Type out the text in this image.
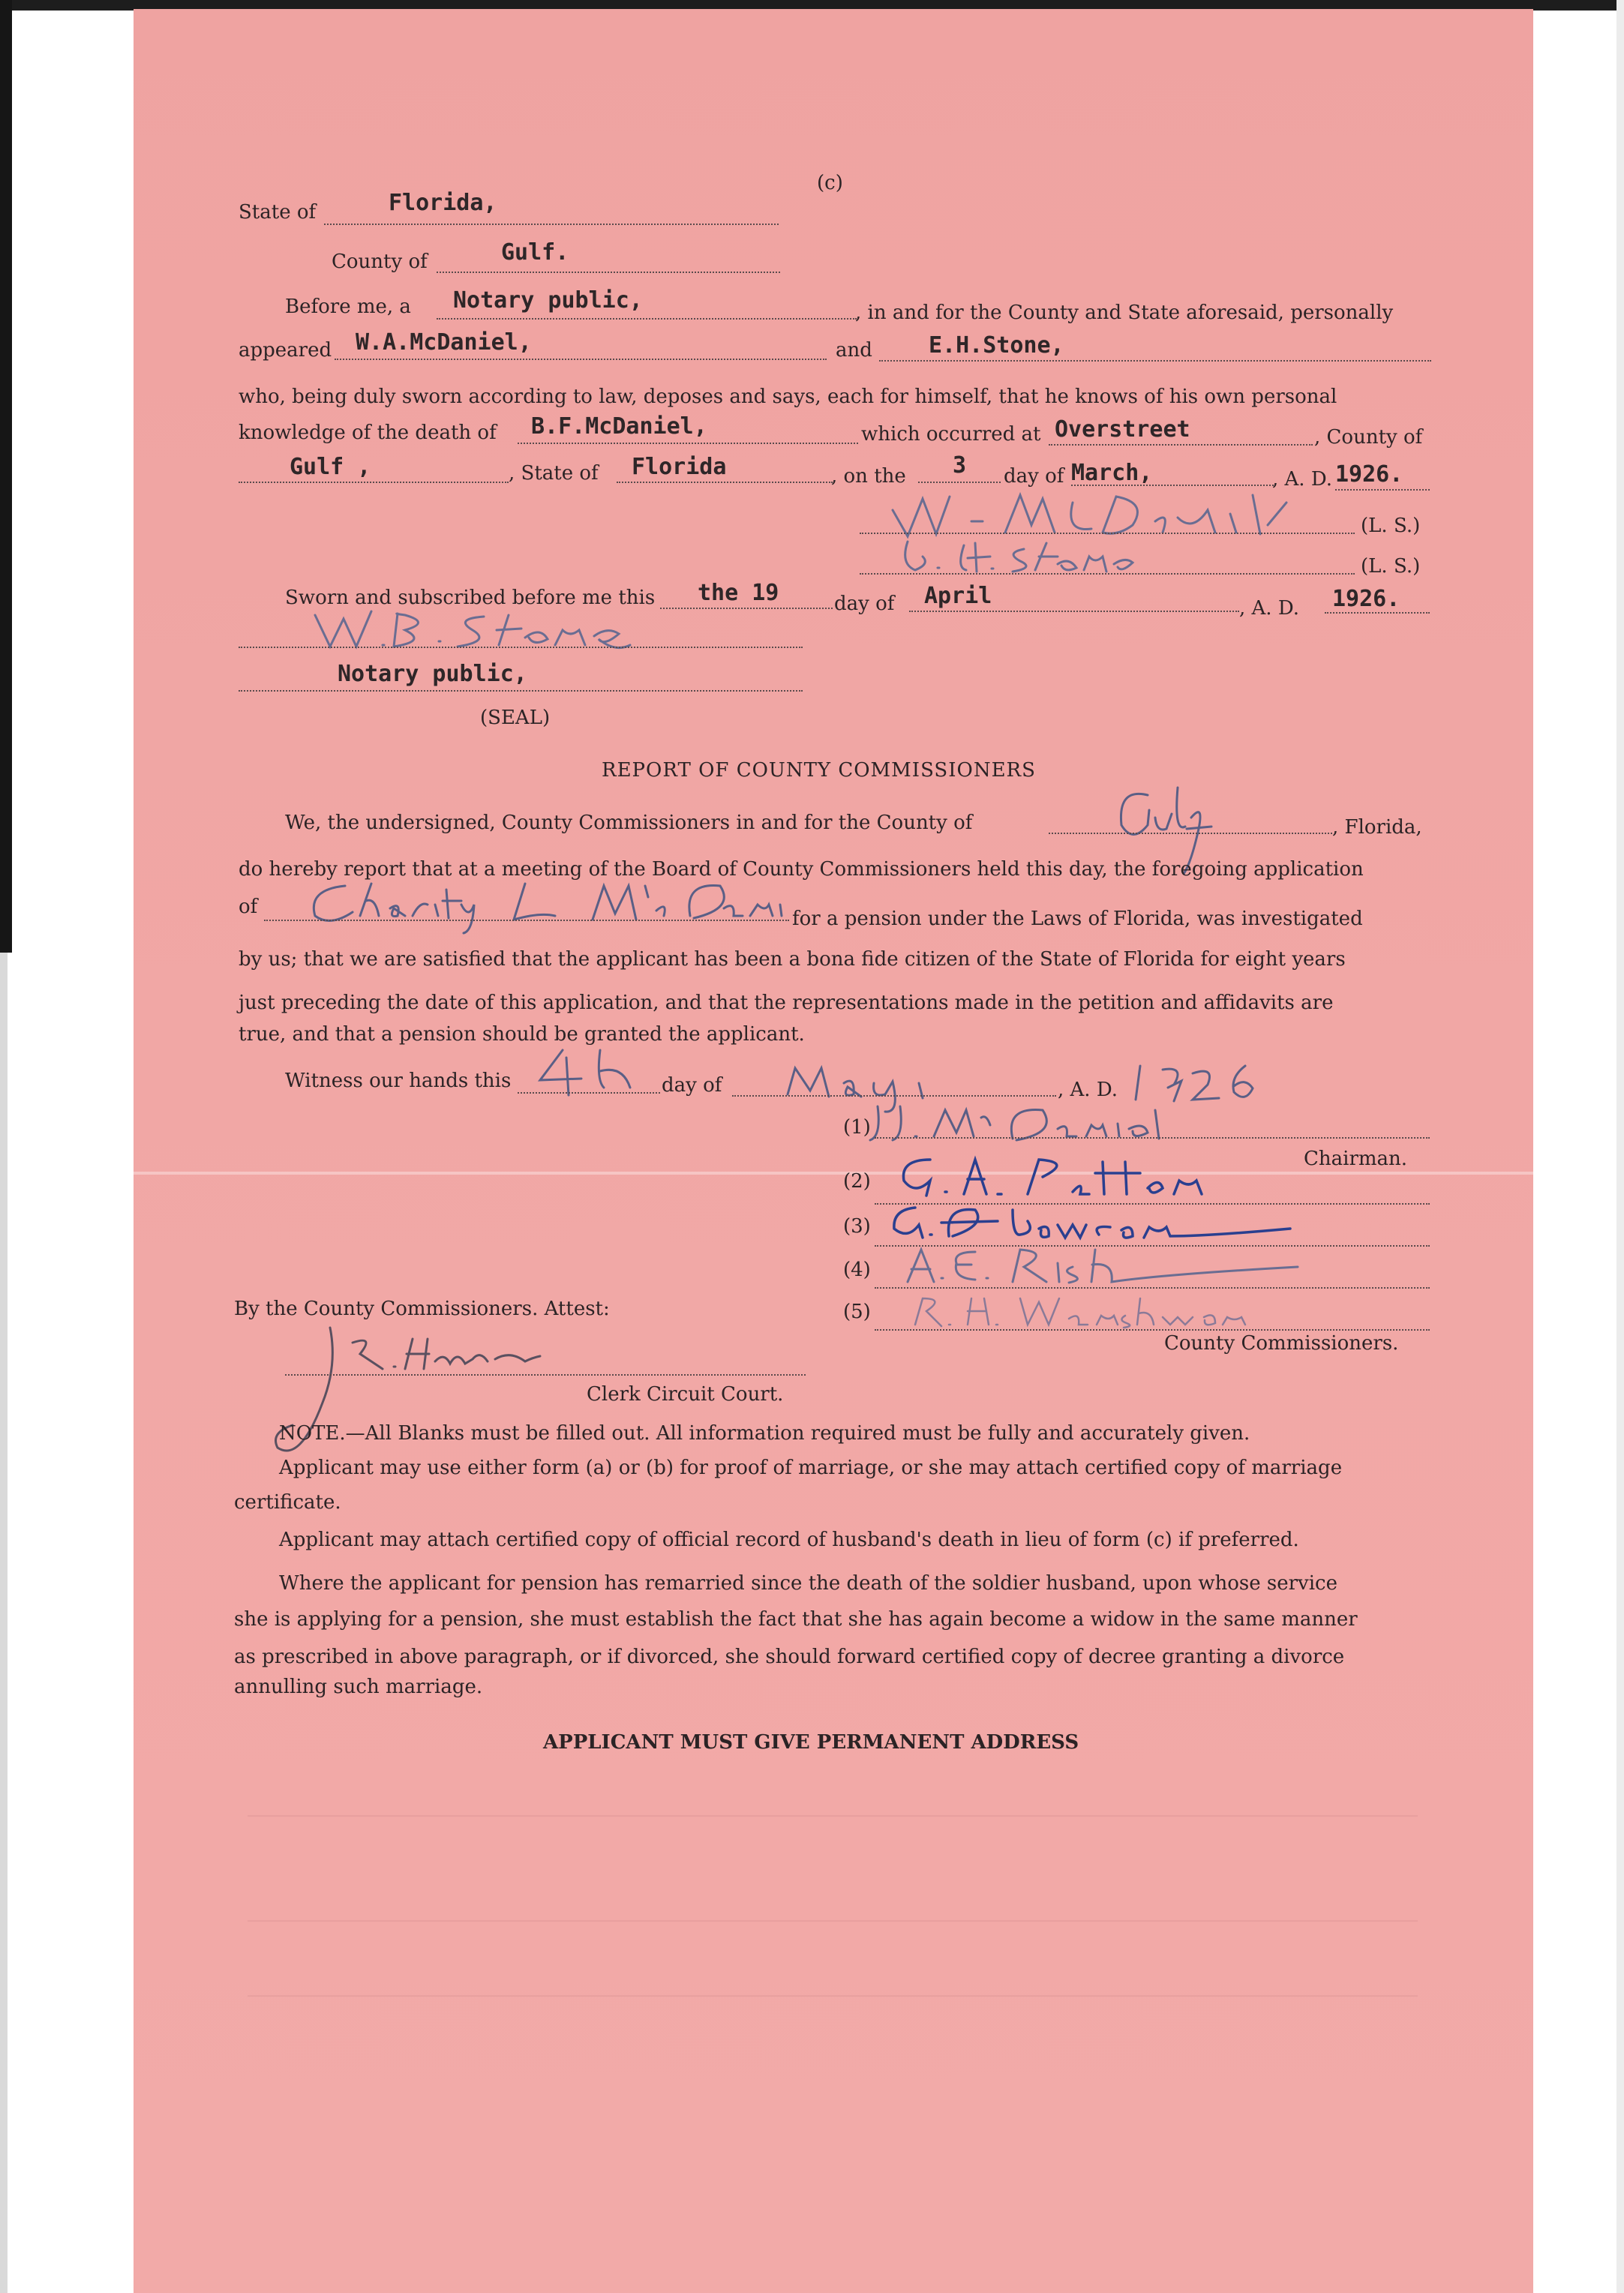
(c)
State of	Florida,
County of	Gulf.
Before me, a Notary public,	, in and for the County and State aforesaid, personally
appeared W.A.McDaniel,	and	E.H.Stone,
who, being duly sworn according to law, deposes and says, each for himself, that he knows of his own personal
knowledge of the death of B.F.McDaniel,	which occurred at Overstreet	, County of
Gulf ,	, State of Florida	, on the 3 day of March,	, A. D. 1926.
(L. S.)
(L. S.)
Sworn and subscribed before me this the 19	day of April	, A. D. 1926.
Notary public,
(SEAL)
REPORT OF COUNTY COMMISSIONERS
We, the undersigned, County Commissioners in and for the County of	, Florida,
do hereby report that at a meeting of the Board of County Commissioners held this day, the foregoing application
of
for a pension under the Laws of Florida, was investigated
by us; that we are satisfied that the applicant has been a bona fide citizen of the State of Florida for eight years
just preceding the date of this application, and that the representations made in the petition and affidavits are
true, and that a pension should be granted the applicant.
Witness our hands this	day of	, A. D.
(1)
Chairman.
(2)
(3)
(4)
By the County Commissioners. Attest:	(5)
County Commissioners.
Clerk Circuit Court.
NOTE.—All Blanks must be filled out. All information required must be fully and accurately given.
Applicant may use either form (a) or (b) for proof of marriage, or she may attach certified copy of marriage
certificate.
Applicant may attach certified copy of official record of husband's death in lieu of form (c) if preferred.
Where the applicant for pension has remarried since the death of the soldier husband, upon whose service
she is applying for a pension, she must establish the fact that she has again become a widow in the same manner
as prescribed in above paragraph, or if divorced, she should forward certified copy of decree granting a divorce
annulling such marriage.
APPLICANT MUST GIVE PERMANENT ADDRESS
